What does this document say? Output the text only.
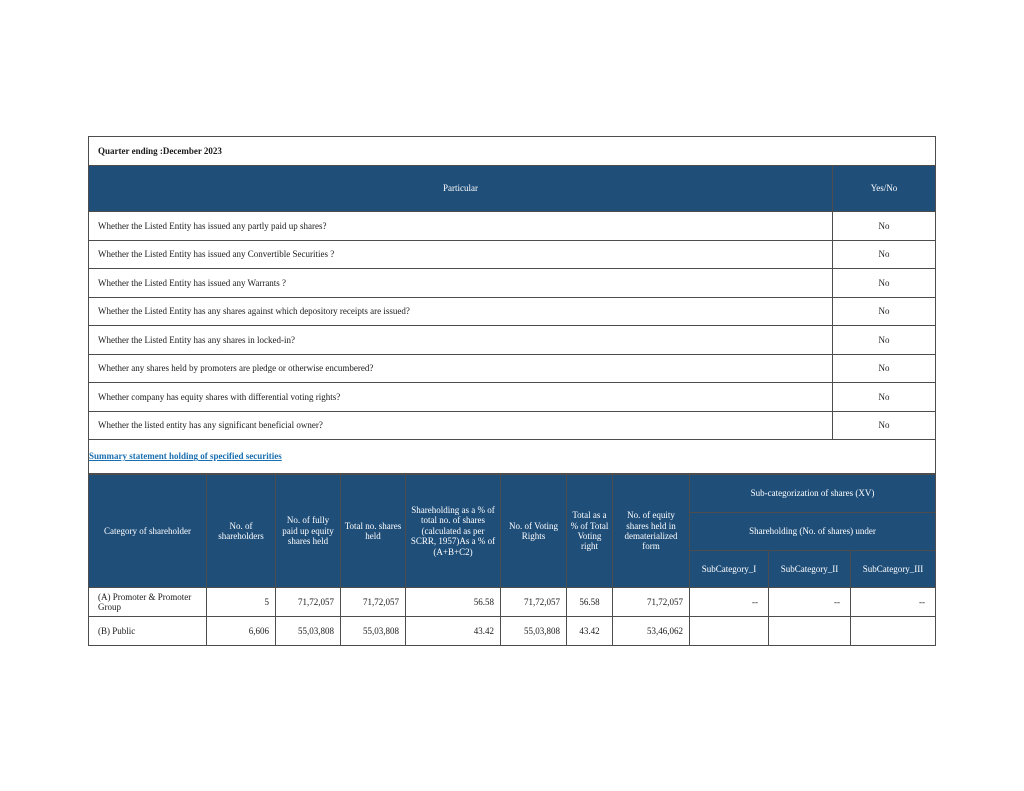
Quarter ending :December 2023	
Particular	Yes/No
Whether the Listed Entity has issued any partly paid up shares?	No
Whether the Listed Entity has issued any Convertible Securities ?	No
Whether the Listed Entity has issued any Warrants ?	No
Whether the Listed Entity has any shares against which depository receipts are issued?	No
Whether the Listed Entity has any shares in locked-in?	No
Whether any shares held by promoters are pledge or otherwise encumbered?	No
Whether company has equity shares with differential voting rights?	No
Whether the listed entity has any significant beneficial owner?	No
Summary statement holding of specified securities	
Category of shareholder	No. of shareholders	No. of fully paid up equity shares held	Total no. shares held	Shareholding as a % of total no. of shares (calculated as per SCRR, 1957)As a % of (A+B+C2)	No. of Voting Rights	Total as a % of Total Voting right	No. of equity shares held in dematerialized form	Sub-categorization of shares (XV)		
								Shareholding (No. of shares) under		
								SubCategory_I	SubCategory_II	SubCategory_III
(A) Promoter & Promoter Group	5	71,72,057	71,72,057	56.58	71,72,057	56.58	71,72,057	--	--	--
(B) Public	6,606	55,03,808	55,03,808	43.42	55,03,808	43.42	53,46,062			
